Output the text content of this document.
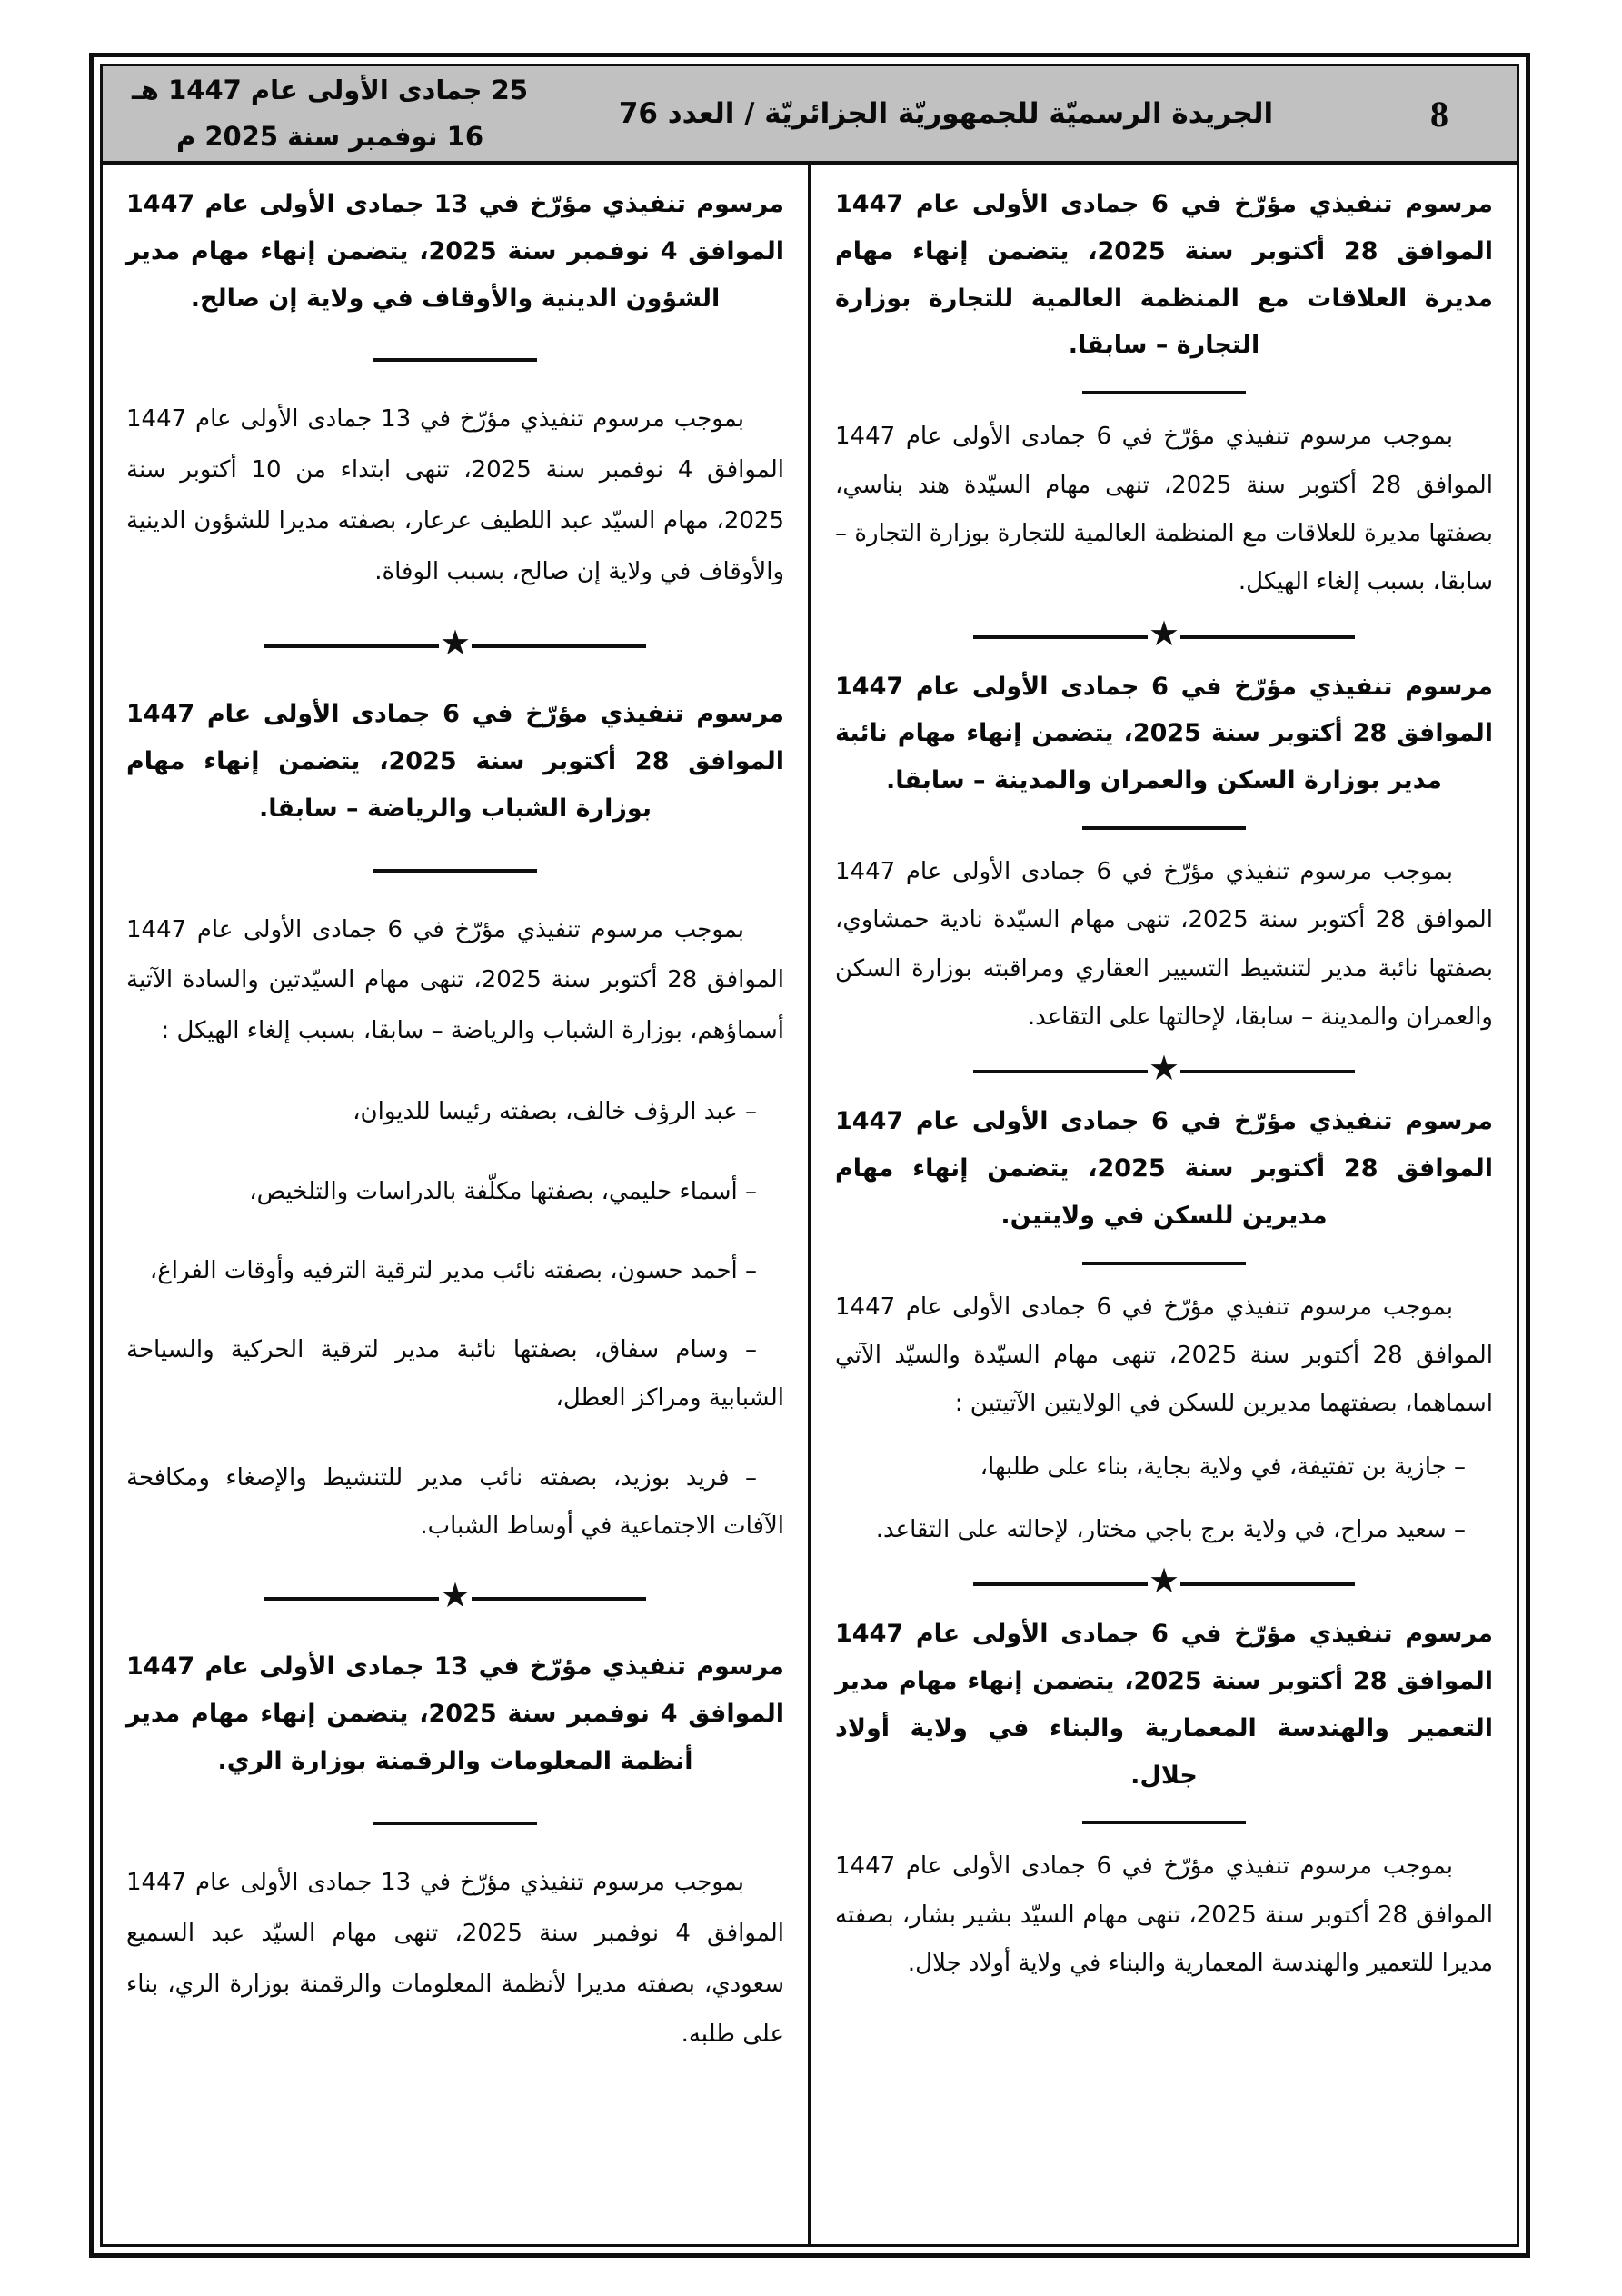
8
الجريدة الرسميّة للجمهوريّة الجزائريّة / العدد 76
25 جمادى الأولى عام 1447 هـ
16 نوفمبر سنة 2025 م

مرسوم تنفيذي مؤرّخ في 6 جمادى الأولى عام 1447 الموافق 28 أكتوبر سنة 2025، يتضمن إنهاء مهام مديرة العلاقات مع المنظمة العالمية للتجارة بوزارة التجارة – سابقا.

بموجب مرسوم تنفيذي مؤرّخ في 6 جمادى الأولى عام 1447 الموافق 28 أكتوبر سنة 2025، تنهى مهام السيّدة هند بناسي، بصفتها مديرة للعلاقات مع المنظمة العالمية للتجارة بوزارة التجارة – سابقا، بسبب إلغاء الهيكل.

★

مرسوم تنفيذي مؤرّخ في 6 جمادى الأولى عام 1447 الموافق 28 أكتوبر سنة 2025، يتضمن إنهاء مهام نائبة مدير بوزارة السكن والعمران والمدينة – سابقا.

بموجب مرسوم تنفيذي مؤرّخ في 6 جمادى الأولى عام 1447 الموافق 28 أكتوبر سنة 2025، تنهى مهام السيّدة نادية حمشاوي، بصفتها نائبة مدير لتنشيط التسيير العقاري ومراقبته بوزارة السكن والعمران والمدينة – سابقا، لإحالتها على التقاعد.

★

مرسوم تنفيذي مؤرّخ في 6 جمادى الأولى عام 1447 الموافق 28 أكتوبر سنة 2025، يتضمن إنهاء مهام مديرين للسكن في ولايتين.

بموجب مرسوم تنفيذي مؤرّخ في 6 جمادى الأولى عام 1447 الموافق 28 أكتوبر سنة 2025، تنهى مهام السيّدة والسيّد الآتي اسماهما، بصفتهما مديرين للسكن في الولايتين الآتيتين :

– جازية بن تفتيفة، في ولاية بجاية، بناء على طلبها،

– سعيد مراح، في ولاية برج باجي مختار، لإحالته على التقاعد.

★

مرسوم تنفيذي مؤرّخ في 6 جمادى الأولى عام 1447 الموافق 28 أكتوبر سنة 2025، يتضمن إنهاء مهام مدير التعمير والهندسة المعمارية والبناء في ولاية أولاد جلال.

بموجب مرسوم تنفيذي مؤرّخ في 6 جمادى الأولى عام 1447 الموافق 28 أكتوبر سنة 2025، تنهى مهام السيّد بشير بشار، بصفته مديرا للتعمير والهندسة المعمارية والبناء في ولاية أولاد جلال.

مرسوم تنفيذي مؤرّخ في 13 جمادى الأولى عام 1447 الموافق 4 نوفمبر سنة 2025، يتضمن إنهاء مهام مدير الشؤون الدينية والأوقاف في ولاية إن صالح.

بموجب مرسوم تنفيذي مؤرّخ في 13 جمادى الأولى عام 1447 الموافق 4 نوفمبر سنة 2025، تنهى ابتداء من 10 أكتوبر سنة 2025، مهام السيّد عبد اللطيف عرعار، بصفته مديرا للشؤون الدينية والأوقاف في ولاية إن صالح، بسبب الوفاة.

★

مرسوم تنفيذي مؤرّخ في 6 جمادى الأولى عام 1447 الموافق 28 أكتوبر سنة 2025، يتضمن إنهاء مهام بوزارة الشباب والرياضة – سابقا.

بموجب مرسوم تنفيذي مؤرّخ في 6 جمادى الأولى عام 1447 الموافق 28 أكتوبر سنة 2025، تنهى مهام السيّدتين والسادة الآتية أسماؤهم، بوزارة الشباب والرياضة – سابقا، بسبب إلغاء الهيكل :

– عبد الرؤف خالف، بصفته رئيسا للديوان،

– أسماء حليمي، بصفتها مكلّفة بالدراسات والتلخيص،

– أحمد حسون، بصفته نائب مدير لترقية الترفيه وأوقات الفراغ،

– وسام سفاق، بصفتها نائبة مدير لترقية الحركية والسياحة الشبابية ومراكز العطل،

– فريد بوزيد، بصفته نائب مدير للتنشيط والإصغاء ومكافحة الآفات الاجتماعية في أوساط الشباب.

★

مرسوم تنفيذي مؤرّخ في 13 جمادى الأولى عام 1447 الموافق 4 نوفمبر سنة 2025، يتضمن إنهاء مهام مدير أنظمة المعلومات والرقمنة بوزارة الري.

بموجب مرسوم تنفيذي مؤرّخ في 13 جمادى الأولى عام 1447 الموافق 4 نوفمبر سنة 2025، تنهى مهام السيّد عبد السميع سعودي، بصفته مديرا لأنظمة المعلومات والرقمنة بوزارة الري، بناء على طلبه.
